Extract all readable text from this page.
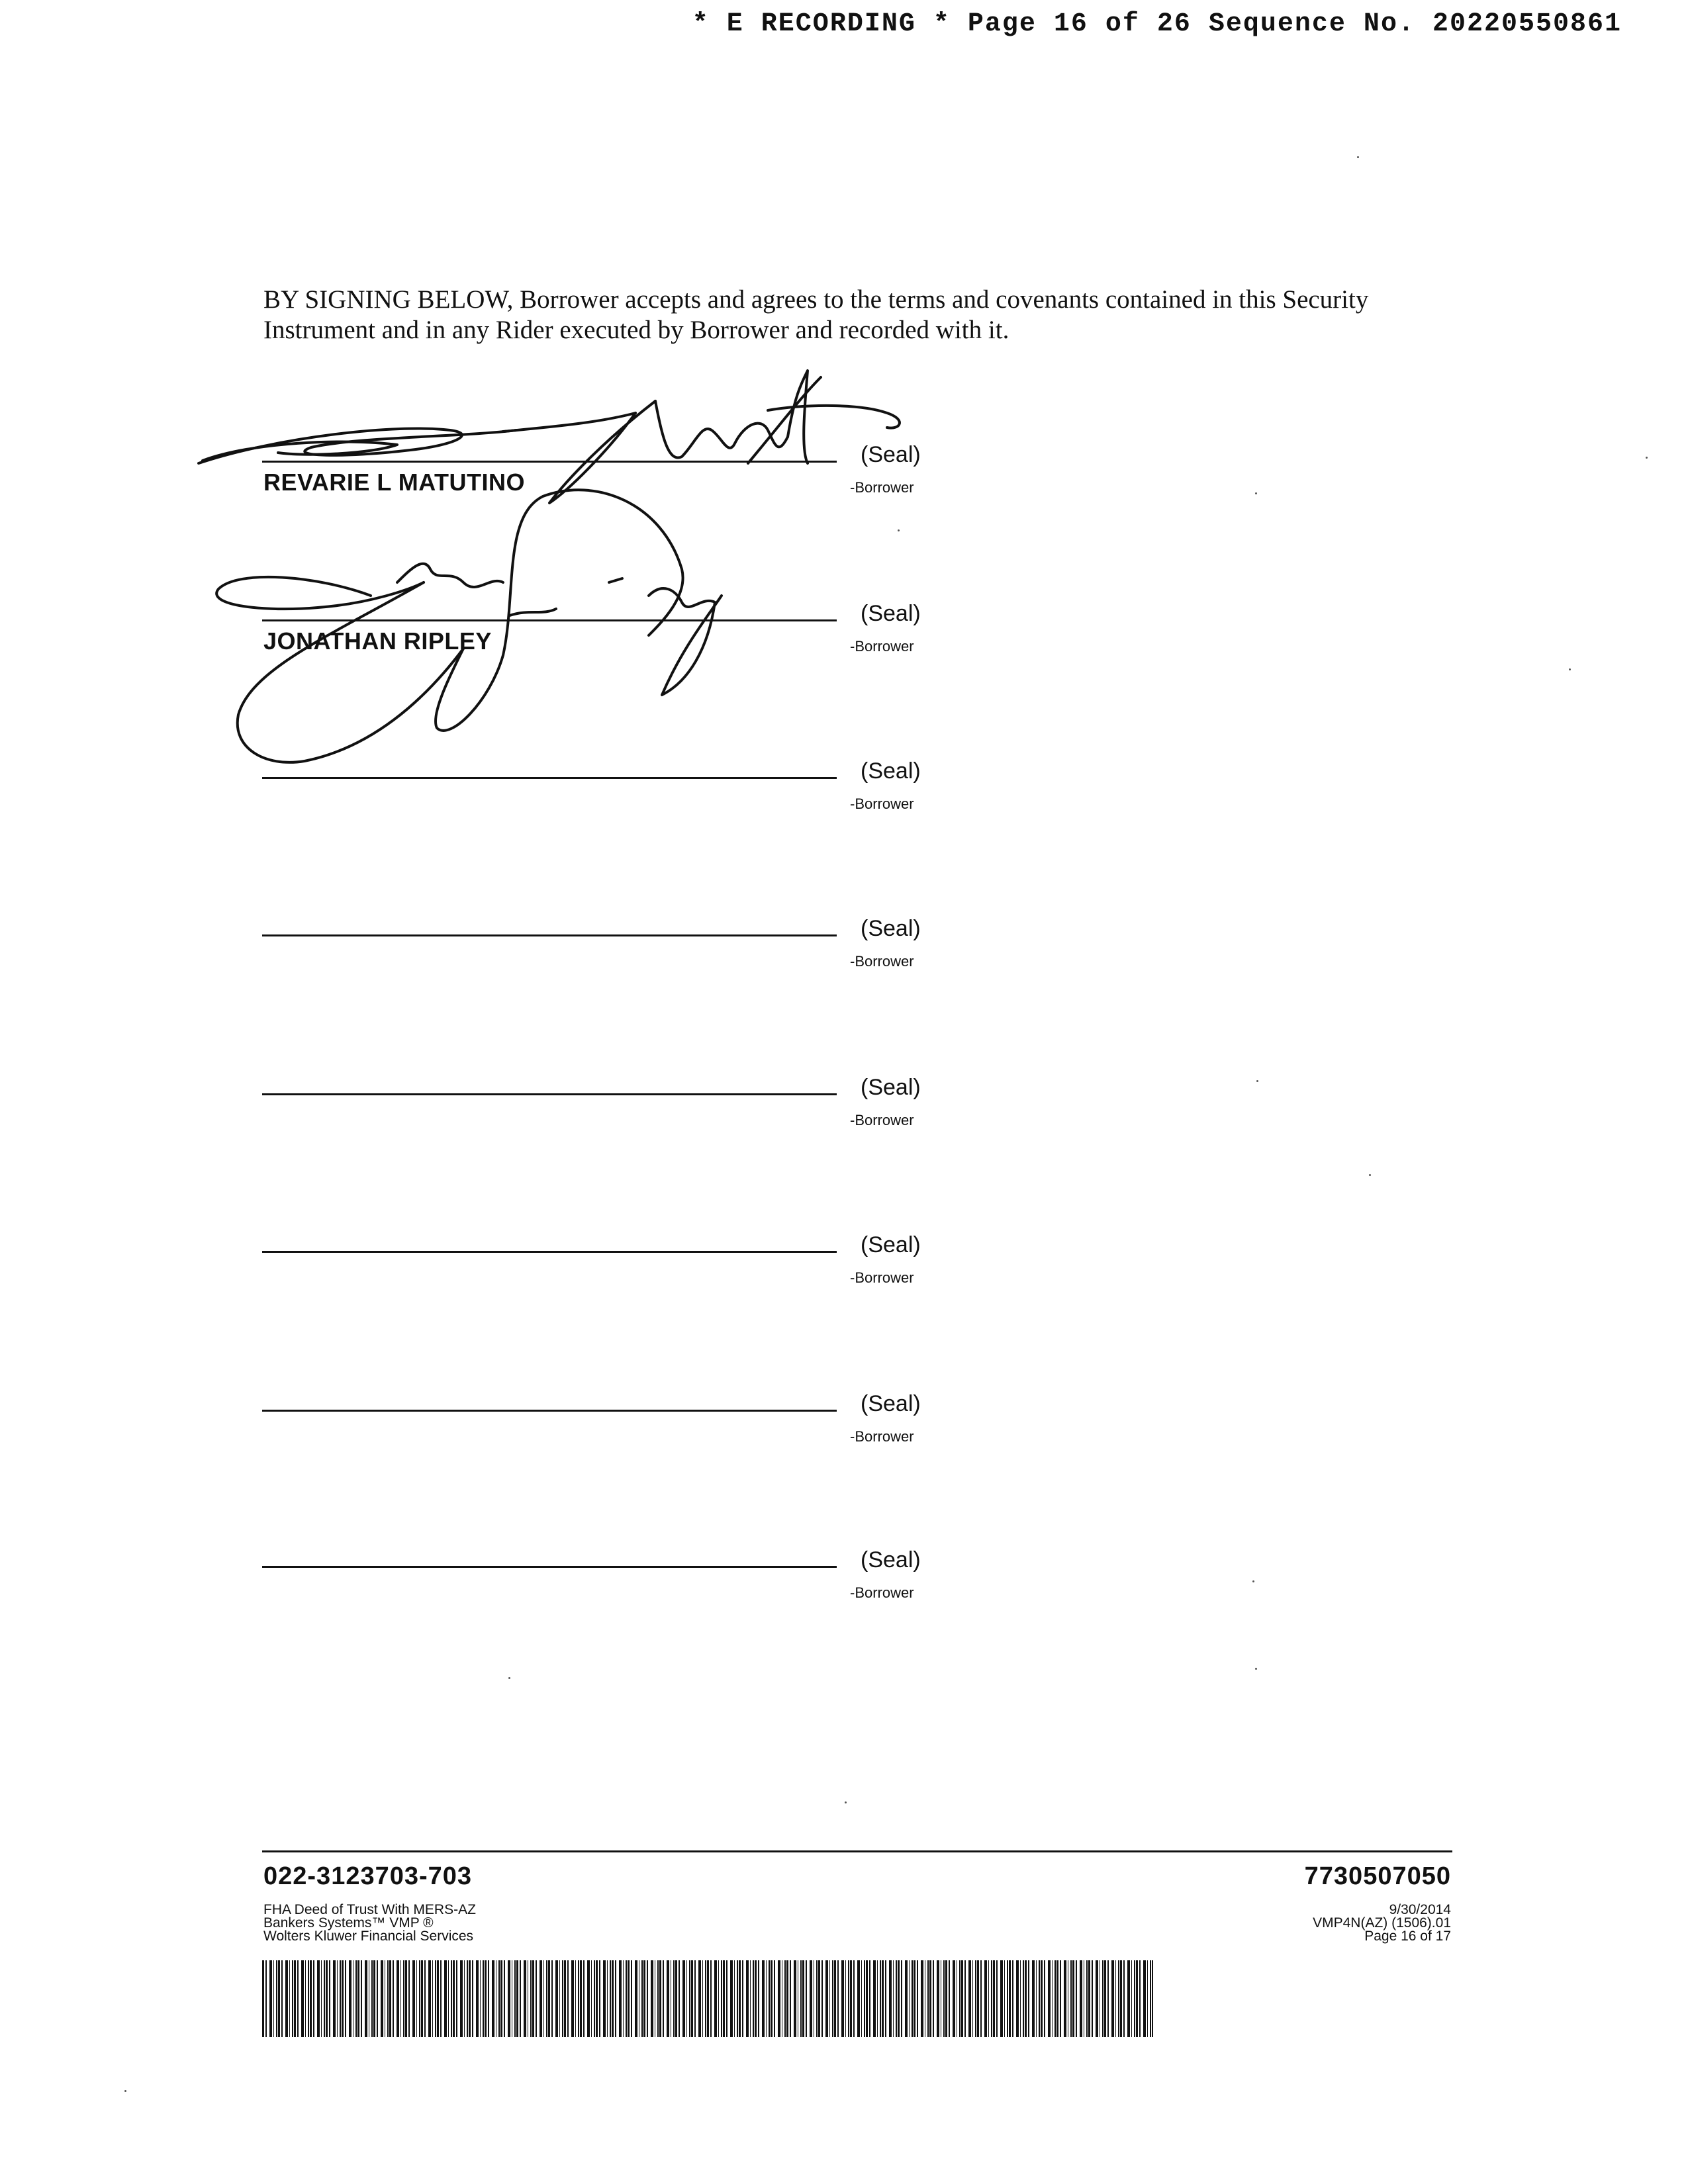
* E RECORDING * Page 16 of 26 Sequence No. 20220550861
BY SIGNING BELOW, Borrower accepts and agrees to the terms and covenants contained in this Security Instrument and in any Rider executed by Borrower and recorded with it.
(Seal)
-Borrower
REVARIE L MATUTINO
(Seal)
-Borrower
JONATHAN RIPLEY
(Seal)
-Borrower
(Seal)
-Borrower
(Seal)
-Borrower
(Seal)
-Borrower
(Seal)
-Borrower
(Seal)
-Borrower
022-3123703-703	7730507050
FHA Deed of Trust With MERS-AZ
Bankers Systems™ VMP ®
Wolters Kluwer Financial Services
9/30/2014
VMP4N(AZ) (1506).01
Page 16 of 17
